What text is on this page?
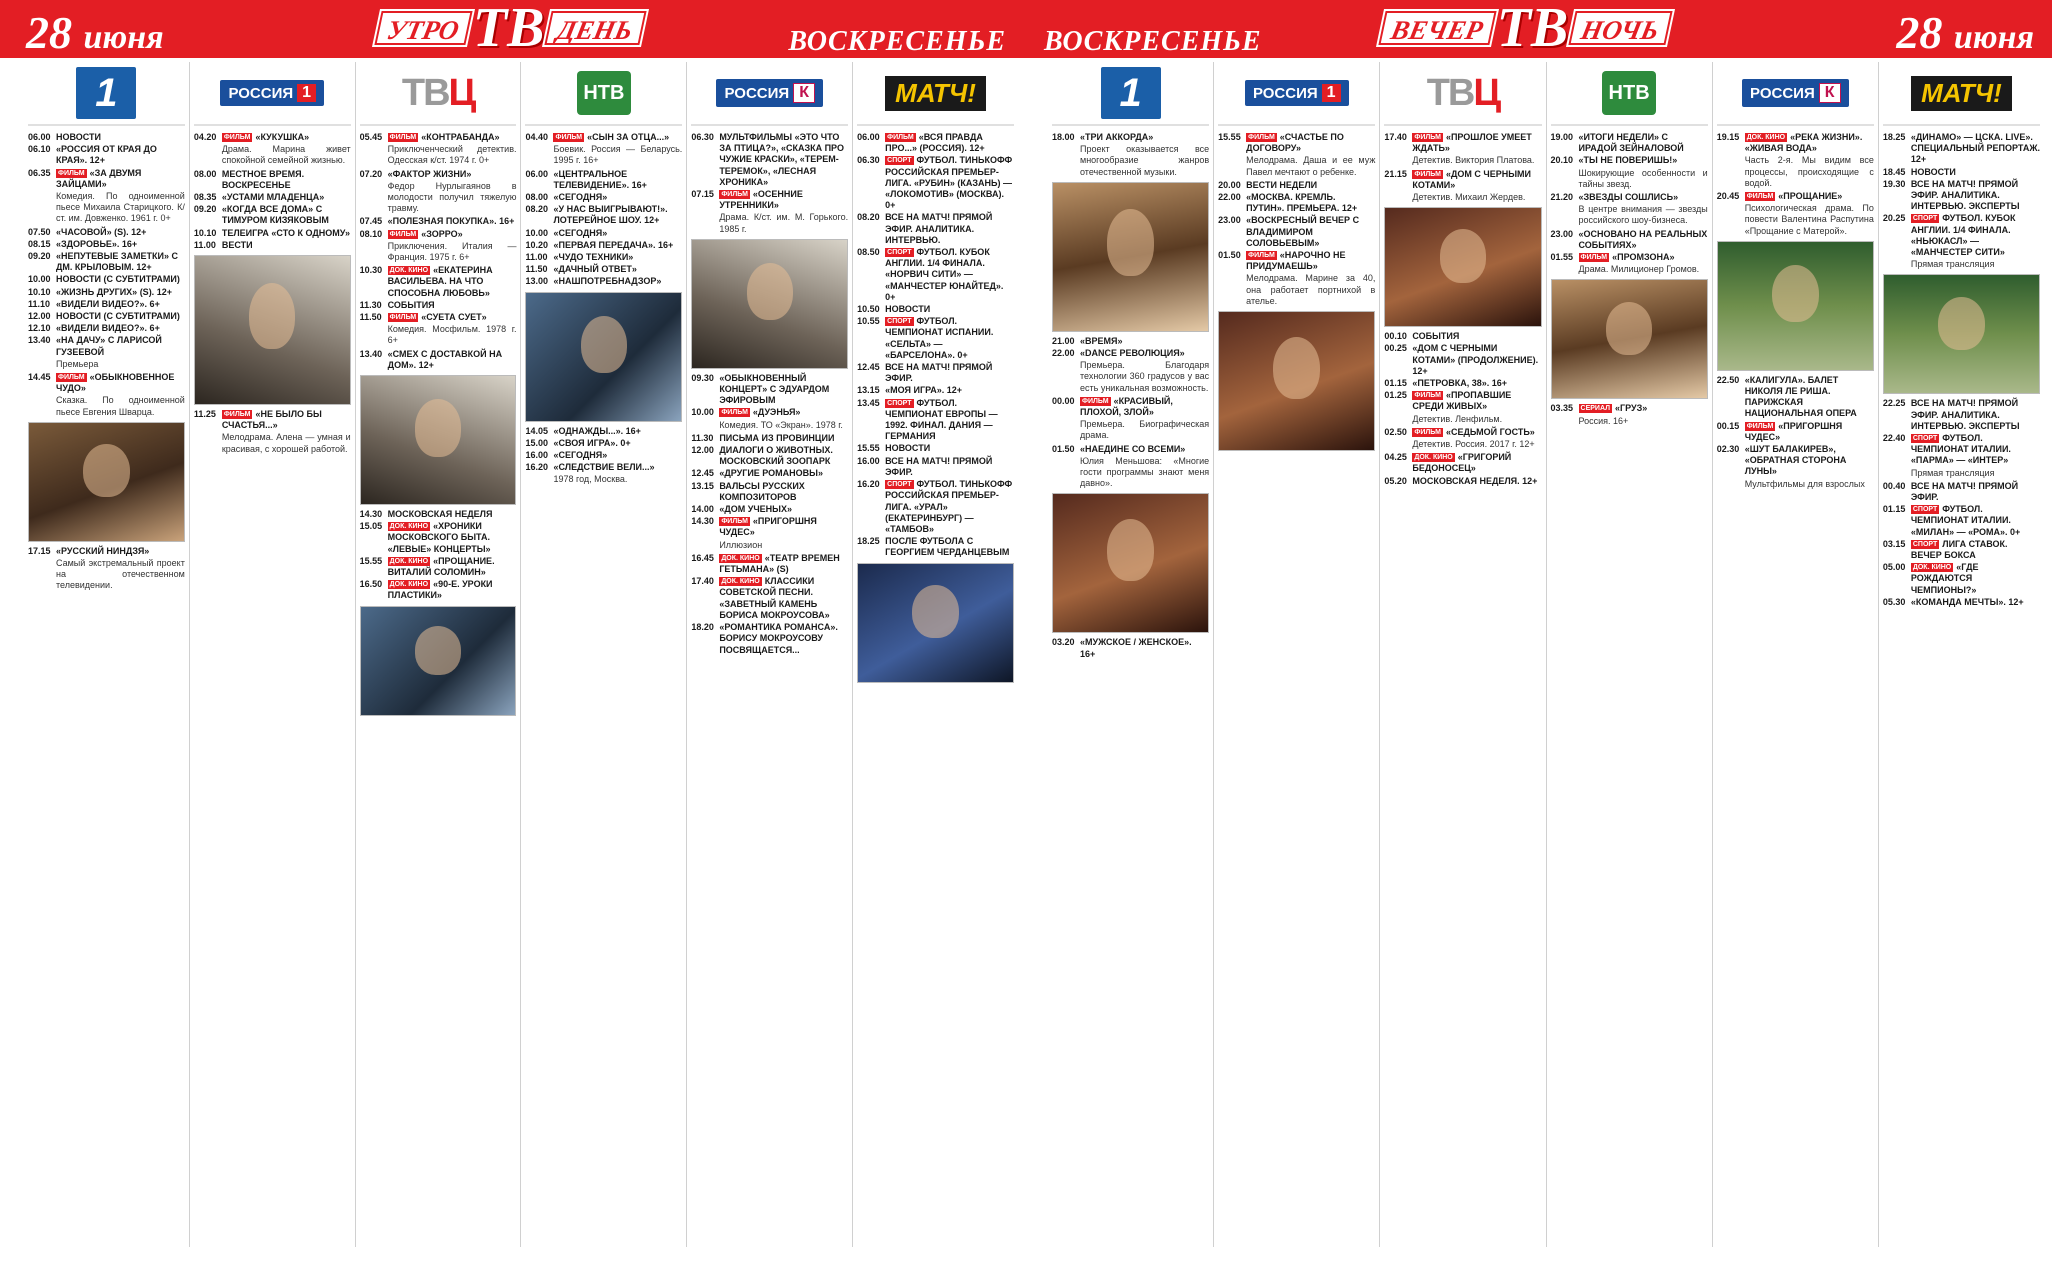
28 июня	УТРО ТВ ДЕНЬ	ВОСКРЕСЕНЬЕ
1
06.00 НОВОСТИ
06.10 «РОССИЯ ОТ КРАЯ ДО КРАЯ». 12+
06.35	ФИЛЬМ «ЗА ДВУМЯ ЗАЙЦАМИ»
Комедия. По одноименной пьесе Михаила Старицкого. К/ст. им. Довженко. 1961 г. 0+
07.50 «ЧАСОВОЙ» (S). 12+
08.15 «ЗДОРОВЬЕ». 16+
09.20 «НЕПУТЕВЫЕ ЗАМЕТКИ» С ДМ. КРЫЛОВЫМ. 12+
10.00 НОВОСТИ (С СУБТИТРАМИ)
10.10 «ЖИЗНЬ ДРУГИХ» (S). 12+
11.10 «ВИДЕЛИ ВИДЕО?». 6+
12.00 НОВОСТИ (С СУБТИТРАМИ)
12.10 «ВИДЕЛИ ВИДЕО?». 6+
13.40 «НА ДАЧУ» С ЛАРИСОЙ ГУЗЕЕВОЙ
Премьера
14.45	ФИЛЬМ «ОБЫКНОВЕННОЕ ЧУДО»
Сказка. По одноименной пьесе Евгения Шварца.
17.15 «РУССКИЙ НИНДЗЯ»
Самый экстремальный проект на отечественном телевидении.
РОССИЯ 1
04.20	ФИЛЬМ «КУКУШКА»
Драма. Марина живет спокойной семейной жизнью.
08.00 МЕСТНОЕ ВРЕМЯ. ВОСКРЕСЕНЬЕ
08.35 «УСТАМИ МЛАДЕНЦА»
09.20 «КОГДА ВСЕ ДОМА» С ТИМУРОМ КИЗЯКОВЫМ
10.10 ТЕЛЕИГРА «СТО К ОДНОМУ»
11.00 ВЕСТИ
11.25	ФИЛЬМ «НЕ БЫЛО БЫ СЧАСТЬЯ...»
Мелодрама. Алена — умная и красивая, с хорошей работой.
ТВЦ
05.45	ФИЛЬМ «КОНТРАБАНДА»
Приключенческий детектив. Одесская к/ст. 1974 г. 0+
07.20 «ФАКТОР ЖИЗНИ»
Федор Нурлыгаянов в молодости получил тяжелую травму.
07.45 «ПОЛЕЗНАЯ ПОКУПКА». 16+
08.10	ФИЛЬМ «ЗОРРО»
Приключения. Италия — Франция. 1975 г. 6+
10.30	ДОК. КИНО «ЕКАТЕРИНА ВАСИЛЬЕВА. НА ЧТО СПОСОБНА ЛЮБОВЬ»
11.30 СОБЫТИЯ
11.50	ФИЛЬМ «СУЕТА СУЕТ»
Комедия. Мосфильм. 1978 г. 6+
13.40 «СМЕХ С ДОСТАВКОЙ НА ДОМ». 12+
14.30 МОСКОВСКАЯ НЕДЕЛЯ
15.05	ДОК. КИНО «ХРОНИКИ МОСКОВСКОГО БЫТА. «ЛЕВЫЕ» КОНЦЕРТЫ»
15.55	ДОК. КИНО «ПРОЩАНИЕ. ВИТАЛИЙ СОЛОМИН»
16.50	ДОК. КИНО «90-Е. УРОКИ ПЛАСТИКИ»
НТВ
04.40	ФИЛЬМ «СЫН ЗА ОТЦА...»
Боевик. Россия — Беларусь. 1995 г. 16+
06.00 «ЦЕНТРАЛЬНОЕ ТЕЛЕВИДЕНИЕ». 16+
08.00 «СЕГОДНЯ»
08.20 «У НАС ВЫИГРЫВАЮТ!». ЛОТЕРЕЙНОЕ ШОУ. 12+
10.00 «СЕГОДНЯ»
10.20 «ПЕРВАЯ ПЕРЕДАЧА». 16+
11.00 «ЧУДО ТЕХНИКИ»
11.50 «ДАЧНЫЙ ОТВЕТ»
13.00 «НАШПОТРЕБНАДЗОР»
14.05 «ОДНАЖДЫ...». 16+
15.00 «СВОЯ ИГРА». 0+
16.00 «СЕГОДНЯ»
16.20 «СЛЕДСТВИЕ ВЕЛИ...»
1978 год, Москва.
РОССИЯ К
06.30 МУЛЬТФИЛЬМЫ «ЭТО ЧТО ЗА ПТИЦА?», «СКАЗКА ПРО ЧУЖИЕ КРАСКИ», «ТЕРЕМ-ТЕРЕМОК», «ЛЕСНАЯ ХРОНИКА»
07.15	ФИЛЬМ «ОСЕННИЕ УТРЕННИКИ»
Драма. К/ст. им. М. Горького. 1985 г.
09.30 «ОБЫКНОВЕННЫЙ КОНЦЕРТ» С ЭДУАРДОМ ЭФИРОВЫМ
10.00	ФИЛЬМ «ДУЭНЬЯ»
Комедия. ТО «Экран». 1978 г.
11.30 ПИСЬМА ИЗ ПРОВИНЦИИ
12.00 ДИАЛОГИ О ЖИВОТНЫХ. МОСКОВСКИЙ ЗООПАРК
12.45 «ДРУГИЕ РОМАНОВЫ»
13.15 ВАЛЬСЫ РУССКИХ КОМПОЗИТОРОВ
14.00 «ДОМ УЧЕНЫХ»
14.30	ФИЛЬМ «ПРИГОРШНЯ ЧУДЕС»
Иллюзион
16.45	ДОК. КИНО «ТЕАТР ВРЕМЕН ГЕТЬМАНА» (S)
17.40	ДОК. КИНО КЛАССИКИ СОВЕТСКОЙ ПЕСНИ. «ЗАВЕТНЫЙ КАМЕНЬ БОРИСА МОКРОУСОВА»
18.20 «РОМАНТИКА РОМАНСА». БОРИСУ МОКРОУСОВУ ПОСВЯЩАЕТСЯ...
МАТЧ!
06.00	ФИЛЬМ «ВСЯ ПРАВДА ПРО...» (РОССИЯ). 12+
06.30	СПОРТ ФУТБОЛ. ТИНЬКОФФ РОССИЙСКАЯ ПРЕМЬЕР-ЛИГА. «РУБИН» (КАЗАНЬ) — «ЛОКОМОТИВ» (МОСКВА). 0+
08.20 ВСЕ НА МАТЧ! ПРЯМОЙ ЭФИР. АНАЛИТИКА. ИНТЕРВЬЮ.
08.50	СПОРТ ФУТБОЛ. КУБОК АНГЛИИ. 1/4 ФИНАЛА. «НОРВИЧ СИТИ» — «МАНЧЕСТЕР ЮНАЙТЕД». 0+
10.50 НОВОСТИ
10.55	СПОРТ ФУТБОЛ. ЧЕМПИОНАТ ИСПАНИИ. «СЕЛЬТА» — «БАРСЕЛОНА». 0+
12.45 ВСЕ НА МАТЧ! ПРЯМОЙ ЭФИР.
13.15 «МОЯ ИГРА». 12+
13.45	СПОРТ ФУТБОЛ. ЧЕМПИОНАТ ЕВРОПЫ — 1992. ФИНАЛ. ДАНИЯ — ГЕРМАНИЯ
15.55 НОВОСТИ
16.00 ВСЕ НА МАТЧ! ПРЯМОЙ ЭФИР.
16.20	СПОРТ ФУТБОЛ. ТИНЬКОФФ РОССИЙСКАЯ ПРЕМЬЕР-ЛИГА. «УРАЛ» (ЕКАТЕРИНБУРГ) — «ТАМБОВ»
18.25 ПОСЛЕ ФУТБОЛА С ГЕОРГИЕМ ЧЕРДАНЦЕВЫМ
ВОСКРЕСЕНЬЕ	ВЕЧЕР ТВ НОЧЬ	28 июня
1
18.00 «ТРИ АККОРДА»
Проект оказывается все многообразие жанров отечественной музыки.
21.00 «ВРЕМЯ»
22.00 «DANCE РЕВОЛЮЦИЯ»
Премьера. Благодаря технологии 360 градусов у вас есть уникальная возможность.
00.00	ФИЛЬМ «КРАСИВЫЙ, ПЛОХОЙ, ЗЛОЙ»
Премьера. Биографическая драма.
01.50 «НАЕДИНЕ СО ВСЕМИ»
Юлия Меньшова: «Многие гости программы знают меня давно».
03.20 «МУЖСКОЕ / ЖЕНСКОЕ». 16+
РОССИЯ 1
15.55	ФИЛЬМ «СЧАСТЬЕ ПО ДОГОВОРУ»
Мелодрама. Даша и ее муж Павел мечтают о ребенке.
20.00 ВЕСТИ НЕДЕЛИ
22.00 «МОСКВА. КРЕМЛЬ. ПУТИН». ПРЕМЬЕРА. 12+
23.00 «ВОСКРЕСНЫЙ ВЕЧЕР С ВЛАДИМИРОМ СОЛОВЬЕВЫМ»
01.50	ФИЛЬМ «НАРОЧНО НЕ ПРИДУМАЕШЬ»
Мелодрама. Марине за 40, она работает портнихой в ателье.
ТВЦ
17.40	ФИЛЬМ «ПРОШЛОЕ УМЕЕТ ЖДАТЬ»
Детектив. Виктория Платова.
21.15	ФИЛЬМ «ДОМ С ЧЕРНЫМИ КОТАМИ»
Детектив. Михаил Жердев.
00.10 СОБЫТИЯ
00.25 «ДОМ С ЧЕРНЫМИ КОТАМИ» (ПРОДОЛЖЕНИЕ). 12+
01.15 «ПЕТРОВКА, 38». 16+
01.25	ФИЛЬМ «ПРОПАВШИЕ СРЕДИ ЖИВЫХ»
Детектив. Ленфильм.
02.50	ФИЛЬМ «СЕДЬМОЙ ГОСТЬ»
Детектив. Россия. 2017 г. 12+
04.25	ДОК. КИНО «ГРИГОРИЙ БЕДОНОСЕЦ»
05.20 МОСКОВСКАЯ НЕДЕЛЯ. 12+
НТВ
19.00 «ИТОГИ НЕДЕЛИ» С ИРАДОЙ ЗЕЙНАЛОВОЙ
20.10 «ТЫ НЕ ПОВЕРИШЬ!»
Шокирующие особенности и тайны звезд.
21.20 «ЗВЕЗДЫ СОШЛИСЬ»
В центре внимания — звезды российского шоу-бизнеса.
23.00 «ОСНОВАНО НА РЕАЛЬНЫХ СОБЫТИЯХ»
01.55	ФИЛЬМ «ПРОМЗОНА»
Драма. Милиционер Громов.
03.35	СЕРИАЛ «ГРУЗ»
Россия. 16+
РОССИЯ К
19.15	ДОК. КИНО «РЕКА ЖИЗНИ». «ЖИВАЯ ВОДА»
Часть 2-я. Мы видим все процессы, происходящие с водой.
20.45	ФИЛЬМ «ПРОЩАНИЕ»
Психологическая драма. По повести Валентина Распутина «Прощание с Матерой».
22.50 «КАЛИГУЛА». БАЛЕТ НИКОЛЯ ЛЕ РИША. ПАРИЖСКАЯ НАЦИОНАЛЬНАЯ ОПЕРА
00.15	ФИЛЬМ «ПРИГОРШНЯ ЧУДЕС»
02.30 «ШУТ БАЛАКИРЕВ», «ОБРАТНАЯ СТОРОНА ЛУНЫ»
Мультфильмы для взрослых
МАТЧ!
18.25 «ДИНАМО» — ЦСКА. LIVE». СПЕЦИАЛЬНЫЙ РЕПОРТАЖ. 12+
18.45 НОВОСТИ
19.30 ВСЕ НА МАТЧ! ПРЯМОЙ ЭФИР. АНАЛИТИКА. ИНТЕРВЬЮ. ЭКСПЕРТЫ
20.25	СПОРТ ФУТБОЛ. КУБОК АНГЛИИ. 1/4 ФИНАЛА. «НЬЮКАСЛ» — «МАНЧЕСТЕР СИТИ»
Прямая трансляция
22.25 ВСЕ НА МАТЧ! ПРЯМОЙ ЭФИР. АНАЛИТИКА. ИНТЕРВЬЮ. ЭКСПЕРТЫ
22.40	СПОРТ ФУТБОЛ. ЧЕМПИОНАТ ИТАЛИИ. «ПАРМА» — «ИНТЕР»
Прямая трансляция
00.40 ВСЕ НА МАТЧ! ПРЯМОЙ ЭФИР.
01.15	СПОРТ ФУТБОЛ. ЧЕМПИОНАТ ИТАЛИИ. «МИЛАН» — «РОМА». 0+
03.15	СПОРТ ЛИГА СТАВОК. ВЕЧЕР БОКСА
05.00	ДОК. КИНО «ГДЕ РОЖДАЮТСЯ ЧЕМПИОНЫ?»
05.30 «КОМАНДА МЕЧТЫ». 12+
